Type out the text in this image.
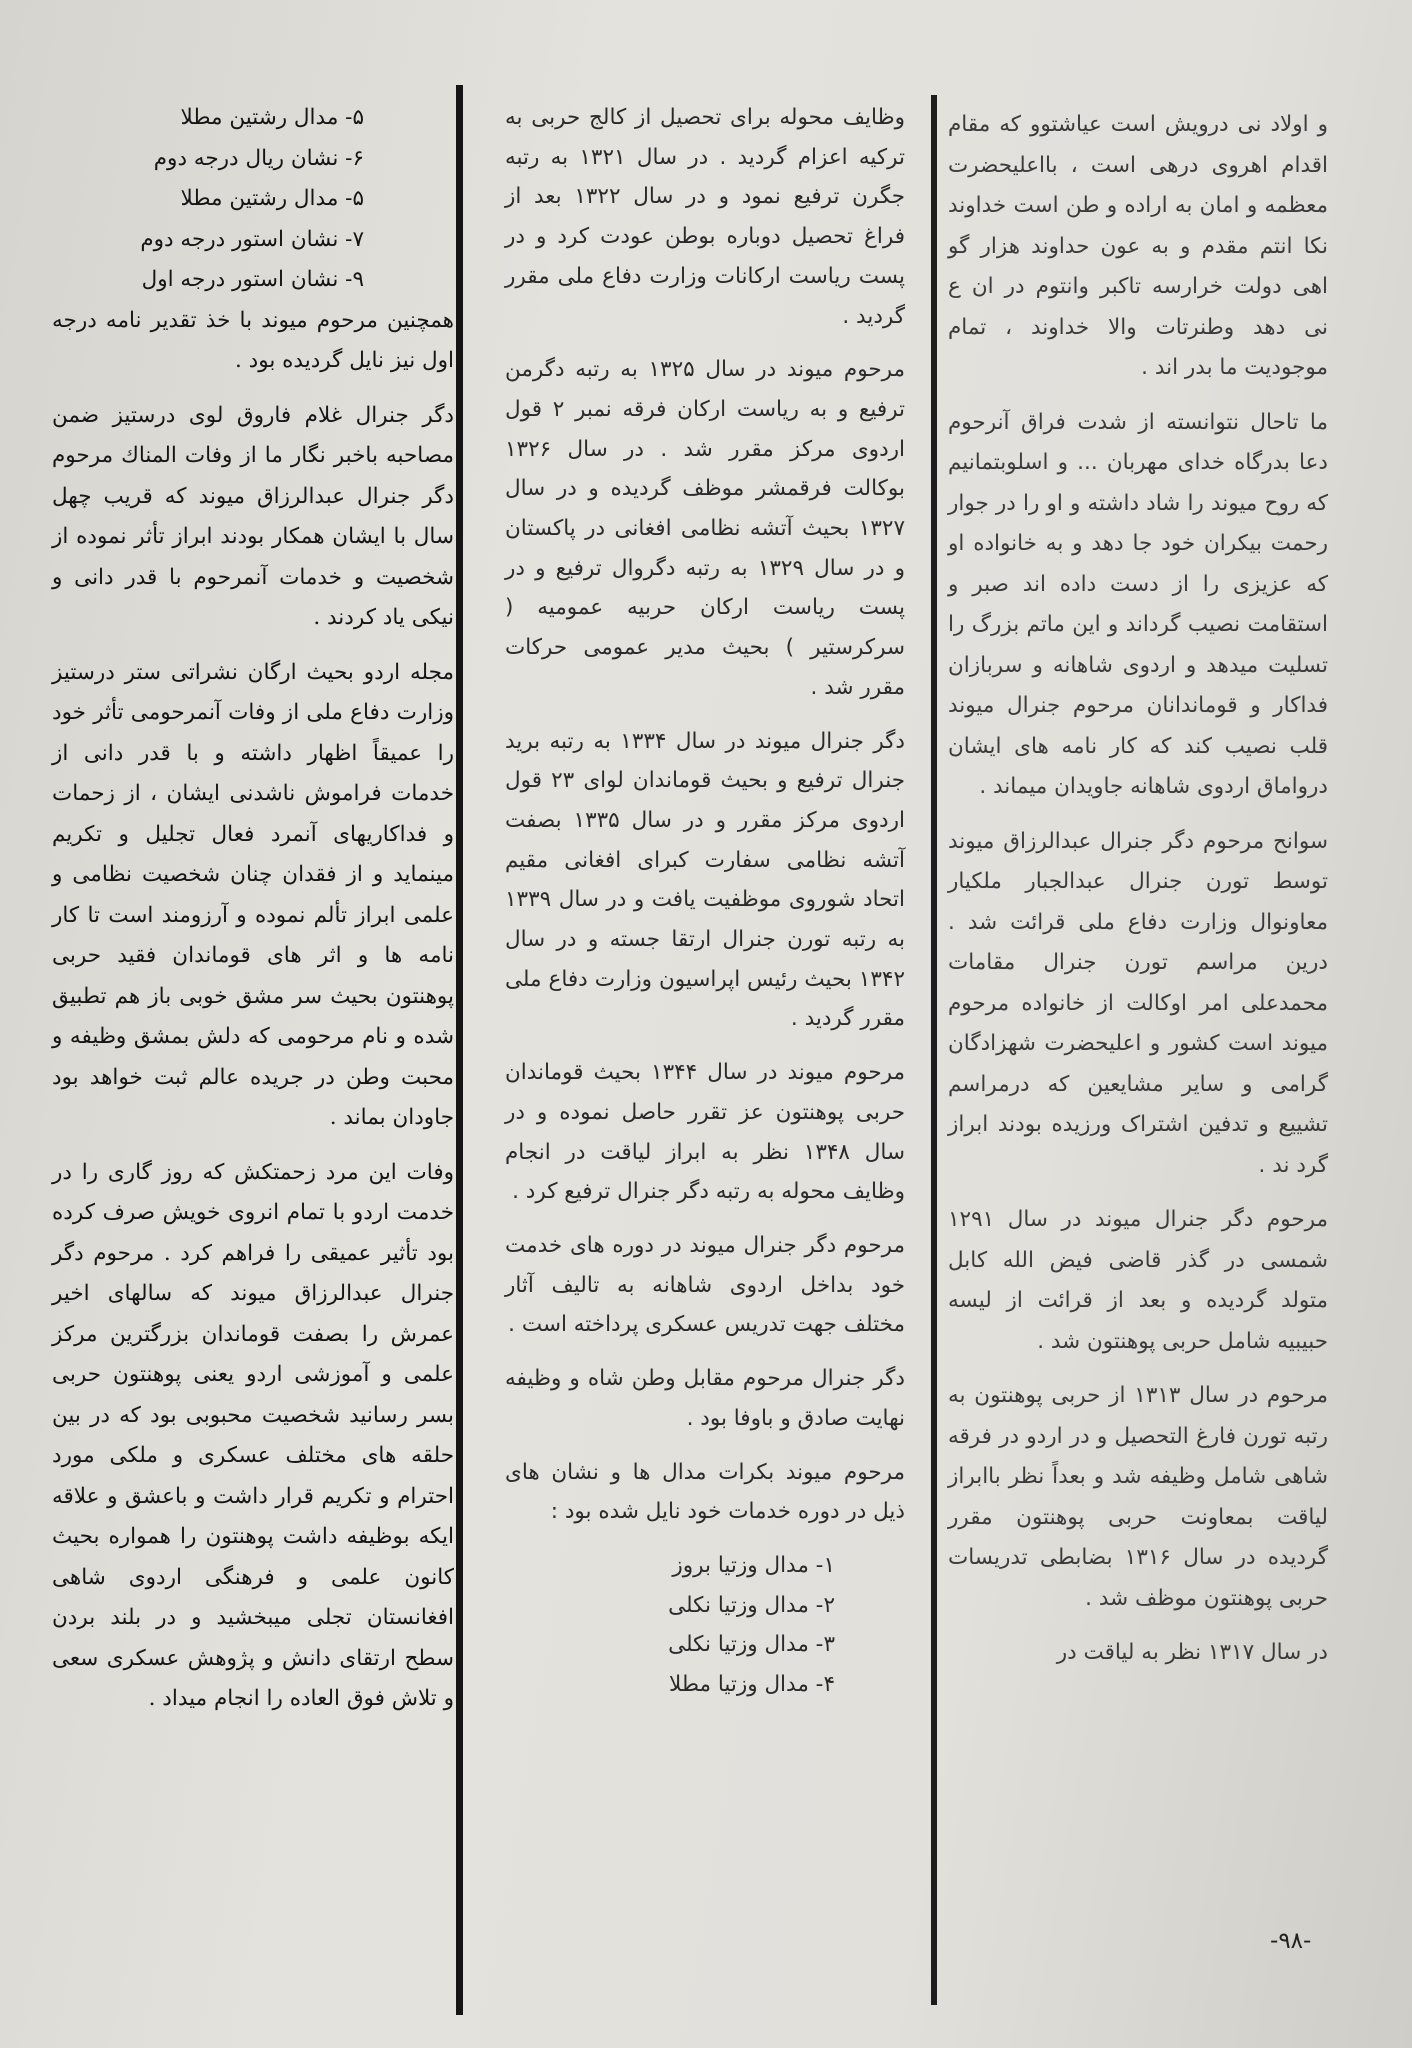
و اولاد نی درویش است عیاشتوو که مقام اقدام اهروی درهی است ، بااعلیحضرت معظمه و امان به اراده و طن است خداوند نکا انتم مقدم و به عون حداوند هزار گو اهی دولت خرارسه تاکبر وانتوم در ان ع نی دهد وطنرتات والا خداوند ، تمام موجوديت ما بدر اند .

ما تاحال نتوانسته از شدت فراق آنرحوم دعا بدرگاه خدای مهربان ... و اسلوبتمانیم که روح میوند را شاد داشته و او را در جوار رحمت بیکران خود جا دهد و به خانواده او که عزیزی را از دست داده اند صبر و استقامت نصیب گرداند و این ماتم بزرگ را تسلیت میدهد و اردوی شاهانه و سربازان فداکار و قوماندانان مرحوم جنرال میوند قلب نصیب کند که کار نامه های ایشان درواماق اردوی شاهانه جاویدان میماند .

سوانح مرحوم دگر جنرال عبدالرزاق میوند توسط تورن جنرال عبدالجبار ملکیار معاونوال وزارت دفاع ملی قرائت شد . درین مراسم تورن جنرال مقامات محمدعلی امر اوکالت از خانواده مرحوم میوند است کشور و اعلیحضرت شهزادگان گرامی و سایر مشایعین که درمراسم تشییع و تدفین اشتراک ورزیده بودند ابراز گرد ند .

مرحوم دگر جنرال میوند در سال ۱۲۹۱ شمسی در گذر قاضی فیض الله کابل متولد گردیده و بعد از قرائت از لیسه حبیبیه شامل حربی پوهنتون شد .

مرحوم در سال ۱۳۱۳ از حربی پوهنتون به رتبه تورن فارغ التحصیل و در اردو در فرقه شاهی شامل وظیفه شد و بعداً نظر باابراز لیاقت بمعاونت حربی پوهنتون مقرر گردیده در سال ۱۳۱۶ بضابطی تدریسات حربی پوهنتون موظف شد .

در سال ۱۳۱۷ نظر به لیاقت در

وظایف محوله برای تحصیل از کالج حربی به ترکیه اعزام گردید . در سال ۱۳۲۱ به رتبه جگرن ترفیع نمود و در سال ۱۳۲۲ بعد از فراغ تحصیل دوباره بوطن عودت کرد و در پست ریاست ارکانات وزارت دفاع ملی مقرر گردید .

مرحوم میوند در سال ۱۳۲۵ به رتبه دگرمن ترفیع و به ریاست ارکان فرقه نمبر ۲ قول اردوی مرکز مقرر شد . در سال ۱۳۲۶ بوکالت فرقمشر موظف گردیده و در سال ۱۳۲۷ بحیث آتشه نظامی افغانی در پاکستان و در سال ۱۳۲۹ به رتبه دگروال ترفیع و در پست ریاست ارکان حربیه عمومیه ( سرکرستیر ) بحیث مدیر عمومی حرکات مقرر شد .

دگر جنرال میوند در سال ۱۳۳۴ به رتبه برید جنرال ترفیع و بحیث قوماندان لوای ۲۳ قول اردوی مرکز مقرر و در سال ۱۳۳۵ بصفت آتشه نظامی سفارت کبرای افغانی مقیم اتحاد شوروی موظفیت یافت و در سال ۱۳۳۹ به رتبه تورن جنرال ارتقا جسته و در سال ۱۳۴۲ بحیث رئیس اپراسیون وزارت دفاع ملی مقرر گردید .

مرحوم میوند در سال ۱۳۴۴ بحیث قوماندان حربی پوهنتون عز تقرر حاصل نموده و در سال ۱۳۴۸ نظر به ابراز لیاقت در انجام وظایف محوله به رتبه دگر جنرال ترفیع کرد .

مرحوم دگر جنرال میوند در دوره های خدمت خود بداخل اردوی شاهانه به تالیف آثار مختلف جهت تدریس عسکری پرداخته است .

دگر جنرال مرحوم مقابل وطن شاه و وظیفه نهایت صادق و باوفا بود .

مرحوم میوند بکرات مدال ها و نشان های ذیل در دوره خدمات خود نایل شده بود :

۱- مدال وزتیا بروز
۲- مدال وزتیا نکلی
۳- مدال وزتیا نکلی
۴- مدال وزتیا مطلا
۵- مدال رشتین مطلا
۶- نشان ریال درجه دوم
۵- مدال رشتین مطلا
۷- نشان استور درجه دوم
۹- نشان استور درجه اول

همچنین مرحوم میوند با خذ تقدیر نامه درجه اول نیز نایل گردیده بود .

دگر جنرال غلام فاروق لوی درستیز ضمن مصاحبه باخبر نگار ما از وفات المناك مرحوم دگر جنرال عبدالرزاق میوند که قریب چهل سال با ایشان همکار بودند ابراز تأثر نموده از شخصیت و خدمات آنمرحوم با قدر دانی و نیکی یاد کردند .

مجله اردو بحیث ارگان نشراتی ستر درستیز وزارت دفاع ملی از وفات آنمرحومی تأثر خود را عمیقاً اظهار داشته و با قدر دانی از خدمات فراموش ناشدنی ایشان ، از زحمات و فداکاریهای آنمرد فعال تجلیل و تکریم مینماید و از فقدان چنان شخصیت نظامی و علمی ابراز تألم نموده و آرزومند است تا کار نامه ها و اثر های قوماندان فقید حربی پوهنتون بحیث سر مشق خوبی باز هم تطبیق شده و نام مرحومی که دلش بمشق وظیفه و محبت وطن در جریده عالم ثبت خواهد بود جاودان بماند .

وفات این مرد زحمتکش که روز گاری را در خدمت اردو با تمام انروی خویش صرف کرده بود تأثیر عمیقی را فراهم کرد . مرحوم دگر جنرال عبدالرزاق میوند که سالهای اخیر عمرش را بصفت قوماندان بزرگترین مرکز علمی و آموزشی اردو یعنی پوهنتون حربی بسر رسانید شخصیت محبوبی بود که در بین حلقه های مختلف عسکری و ملکی مورد احترام و تکریم قرار داشت و باعشق و علاقه ایکه بوظیفه داشت پوهنتون را همواره بحیث کانون علمی و فرهنگی اردوی شاهی افغانستان تجلی میبخشید و در بلند بردن سطح ارتقای دانش و پژوهش عسکری سعی و تلاش فوق العاده را انجام میداد .

-۹۸-
